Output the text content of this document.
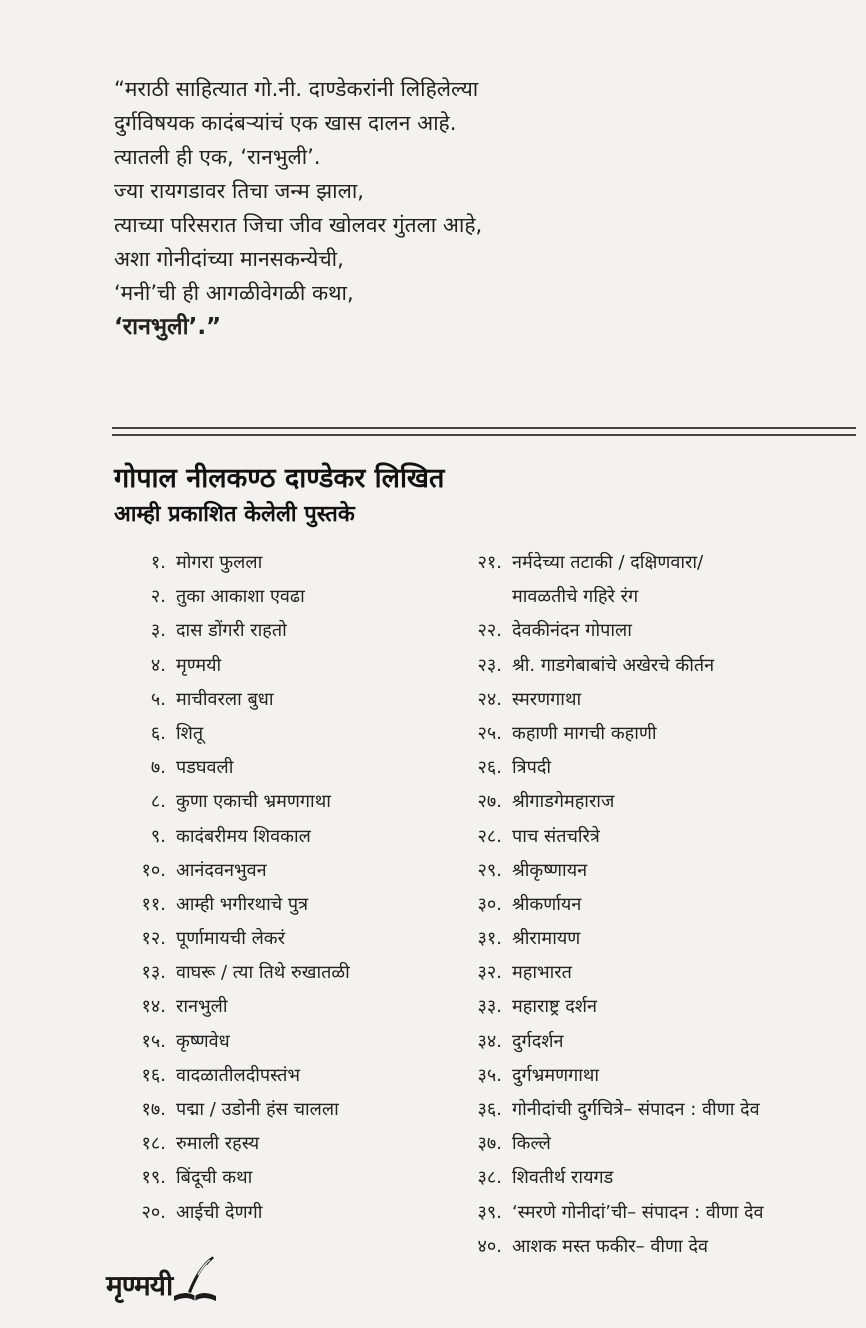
“मराठी साहित्यात गो.नी. दाण्डेकरांनी लिहिलेल्या
दुर्गविषयक कादंबऱ्यांचं एक खास दालन आहे.
त्यातली ही एक, ‘रानभुली’.
ज्या रायगडावर तिचा जन्म झाला,
त्याच्या परिसरात जिचा जीव खोलवर गुंतला आहे,
अशा गोनीदांच्या मानसकन्येची,
‘मनी’ची ही आगळीवेगळी कथा,
‘रानभुली’.”
गोपाल नीलकण्ठ दाण्डेकर लिखित
आम्ही प्रकाशित केलेली पुस्तके
१. मोगरा फुलला
२. तुका आकाशा एवढा
३. दास डोंगरी राहतो
४. मृण्मयी
५. माचीवरला बुधा
६. शितू
७. पडघवली
८. कुणा एकाची भ्रमणगाथा
९. कादंबरीमय शिवकाल
१०. आनंदवनभुवन
११. आम्ही भगीरथाचे पुत्र
१२. पूर्णामायची लेकरं
१३. वाघरू / त्या तिथे रुखातळी
१४. रानभुली
१५. कृष्णवेध
१६. वादळातीलदीपस्तंभ
१७. पद्मा / उडोनी हंस चालला
१८. रुमाली रहस्य
१९. बिंदूची कथा
२०. आईची देणगी
२१. नर्मदेच्या तटाकी / दक्षिणवारा/
मावळतीचे गहिरे रंग
२२. देवकीनंदन गोपाला
२३. श्री. गाडगेबाबांचे अखेरचे कीर्तन
२४. स्मरणगाथा
२५. कहाणी मागची कहाणी
२६. त्रिपदी
२७. श्रीगाडगेमहाराज
२८. पाच संतचरित्रे
२९. श्रीकृष्णायन
३०. श्रीकर्णायन
३१. श्रीरामायण
३२. महाभारत
३३. महाराष्ट्र दर्शन
३४. दुर्गदर्शन
३५. दुर्गभ्रमणगाथा
३६. गोनीदांची दुर्गचित्रे– संपादन : वीणा देव
३७. किल्ले
३८. शिवतीर्थ रायगड
३९. ‘स्मरणे गोनीदां’ची– संपादन : वीणा देव
४०. आशक मस्त फकीर– वीणा देव
मृण्मयी
